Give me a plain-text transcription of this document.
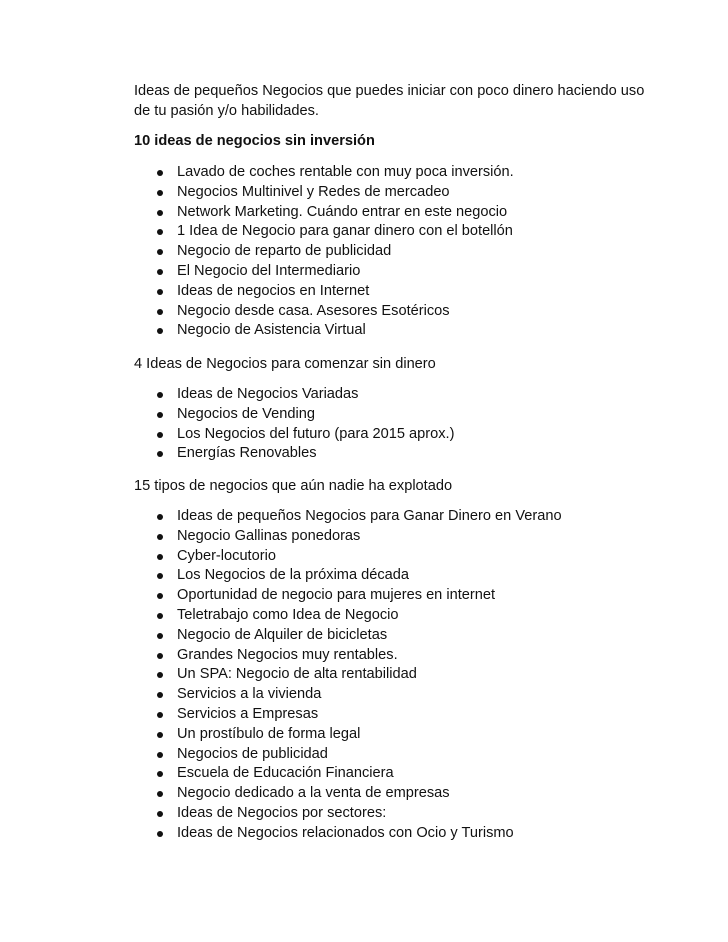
Ideas de pequeños Negocios que puedes iniciar con poco dinero haciendo uso de tu pasión y/o habilidades.

10 ideas de negocios sin inversión

Lavado de coches rentable con muy poca inversión.
Negocios Multinivel y Redes de mercadeo
Network Marketing. Cuándo entrar en este negocio
1 Idea de Negocio para ganar dinero con el botellón
Negocio de reparto de publicidad
El Negocio del Intermediario
Ideas de negocios en Internet
Negocio desde casa. Asesores Esotéricos
Negocio de Asistencia Virtual

4 Ideas de Negocios para comenzar sin dinero

Ideas de Negocios Variadas
Negocios de Vending
Los Negocios del futuro (para 2015 aprox.)
Energías Renovables

15 tipos de negocios que aún nadie ha explotado

Ideas de pequeños Negocios para Ganar Dinero en Verano
Negocio Gallinas ponedoras
Cyber-locutorio
Los Negocios de la próxima década
Oportunidad de negocio para mujeres en internet
Teletrabajo como Idea de Negocio
Negocio de Alquiler de bicicletas
Grandes Negocios muy rentables.
Un SPA: Negocio de alta rentabilidad
Servicios a la vivienda
Servicios a Empresas
Un prostíbulo de forma legal
Negocios de publicidad
Escuela de Educación Financiera
Negocio dedicado a la venta de empresas
Ideas de Negocios por sectores:
Ideas de Negocios relacionados con Ocio y Turismo
